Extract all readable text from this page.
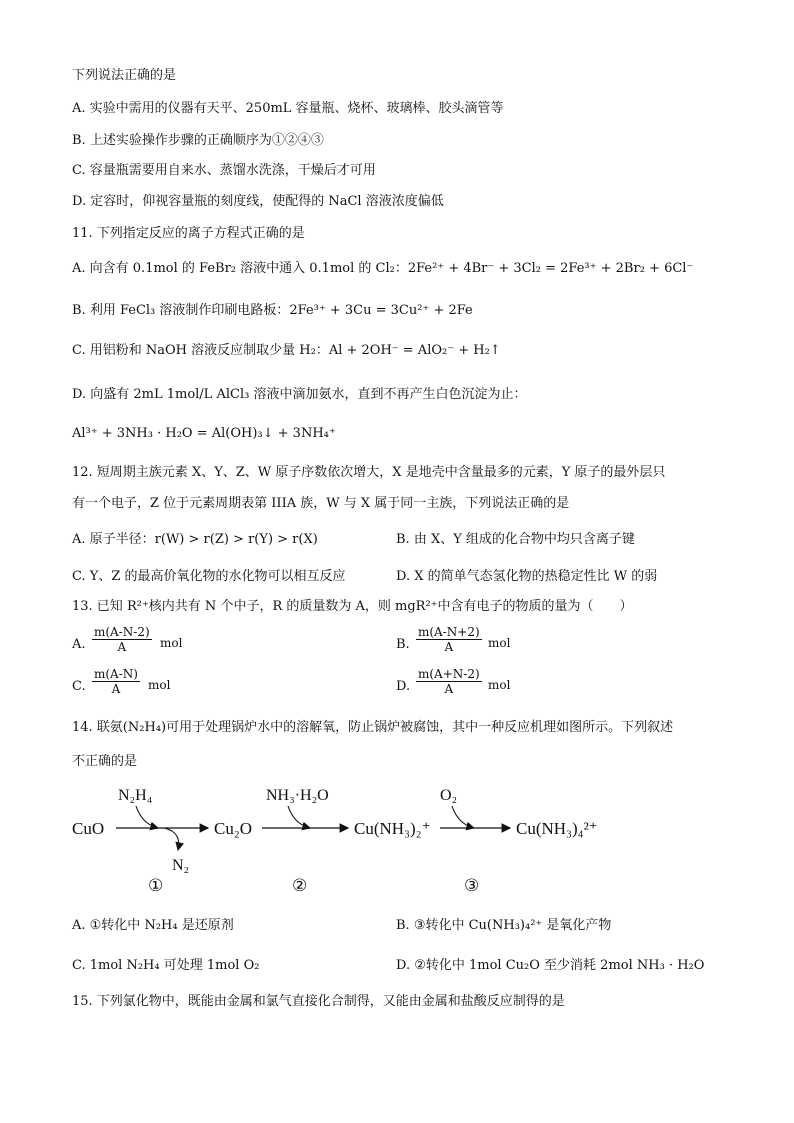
下列说法正确的是
A. 实验中需用的仪器有天平、250mL 容量瓶、烧杯、玻璃棒、胶头滴管等
B. 上述实验操作步骤的正确顺序为①②④③
C. 容量瓶需要用自来水、蒸馏水洗涤，干燥后才可用
D. 定容时，仰视容量瓶的刻度线，使配得的 NaCl 溶液浓度偏低
11. 下列指定反应的离子方程式正确的是
A. 向含有 0.1mol 的 FeBr₂ 溶液中通入 0.1mol 的 Cl₂：2Fe²⁺ + 4Br⁻ + 3Cl₂ = 2Fe³⁺ + 2Br₂ + 6Cl⁻
B. 利用 FeCl₃ 溶液制作印刷电路板：2Fe³⁺ + 3Cu = 3Cu²⁺ + 2Fe
C. 用铝粉和 NaOH 溶液反应制取少量 H₂：Al + 2OH⁻ = AlO₂⁻ + H₂↑
D. 向盛有 2mL 1mol/L AlCl₃ 溶液中滴加氨水，直到不再产生白色沉淀为止：
Al³⁺ + 3NH₃ · H₂O = Al(OH)₃↓ + 3NH₄⁺
12. 短周期主族元素 X、Y、Z、W 原子序数依次增大，X 是地壳中含量最多的元素，Y 原子的最外层只
有一个电子，Z 位于元素周期表第 IIIA 族，W 与 X 属于同一主族，下列说法正确的是
A. 原子半径：r(W) > r(Z) > r(Y) > r(X)	B. 由 X、Y 组成的化合物中均只含离子键
C. Y、Z 的最高价氧化物的水化物可以相互反应	D. X 的简单气态氢化物的热稳定性比 W 的弱
13. 已知 R²⁺核内共有 N 个中子，R 的质量数为 A，则 mgR²⁺中含有电子的物质的量为（　　）
A. $\frac{m(A-N-2)}{A}$ mol	B. $\frac{m(A-N+2)}{A}$ mol
C. $\frac{m(A-N)}{A}$ mol	D. $\frac{m(A+N-2)}{A}$ mol
14. 联氨(N₂H₄)可用于处理锅炉水中的溶解氧，防止锅炉被腐蚀，其中一种反应机理如图所示。下列叙述
不正确的是
CuO	Cu₂O	Cu(NH₃)₂⁺	Cu(NH₃)₄²⁺
N₂H₄
N₂
NH₃·H₂O	O₂
①	②	③
A. ①转化中 N₂H₄ 是还原剂	B. ③转化中 Cu(NH₃)₄²⁺ 是氧化产物
C. 1mol N₂H₄ 可处理 1mol O₂	D. ②转化中 1mol Cu₂O 至少消耗 2mol NH₃ · H₂O
15. 下列氯化物中，既能由金属和氯气直接化合制得，又能由金属和盐酸反应制得的是
